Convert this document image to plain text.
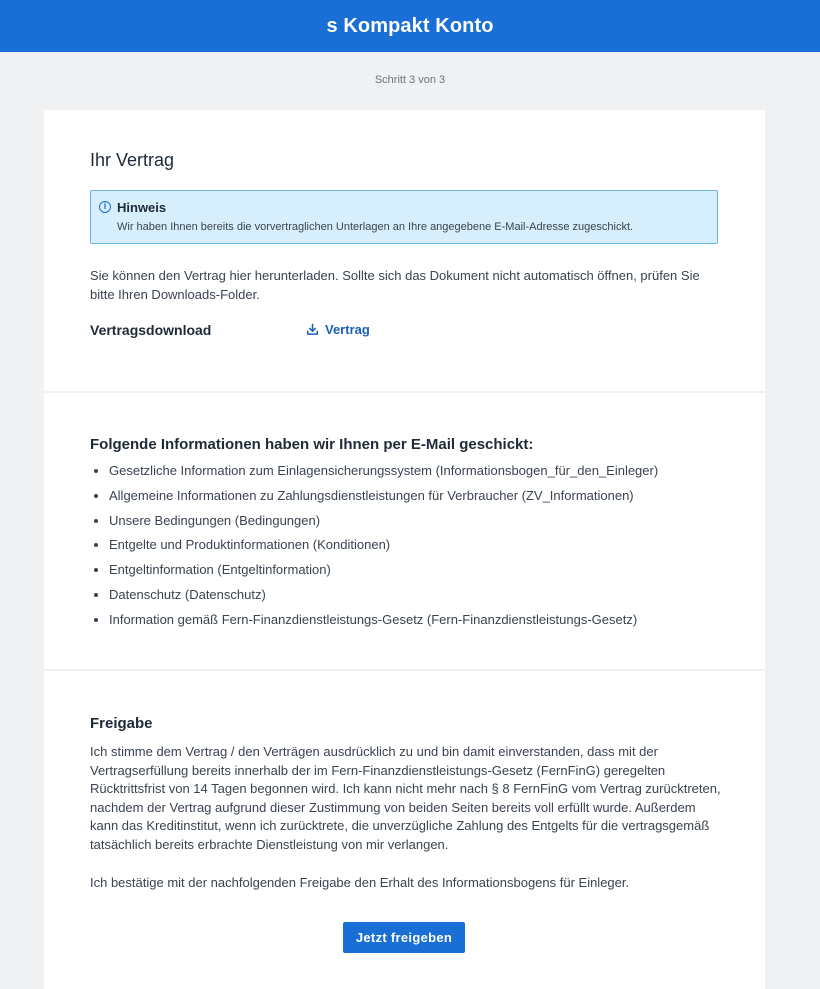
s Kompakt Konto
Schritt 3 von 3
Ihr Vertrag
i Hinweis
Wir haben Ihnen bereits die vorvertraglichen Unterlagen an Ihre angegebene E-Mail-Adresse zugeschickt.

Sie können den Vertrag hier herunterladen. Sollte sich das Dokument nicht automatisch öffnen, prüfen Sie bitte Ihren Downloads-Folder.

Vertragsdownload	Vertrag
Folgende Informationen haben wir Ihnen per E-Mail geschickt:
Gesetzliche Information zum Einlagensicherungssystem (Informationsbogen_für_den_Einleger)
Allgemeine Informationen zu Zahlungsdienstleistungen für Verbraucher (ZV_Informationen)
Unsere Bedingungen (Bedingungen)
Entgelte und Produktinformationen (Konditionen)
Entgeltinformation (Entgeltinformation)
Datenschutz (Datenschutz)
Information gemäß Fern-Finanzdienstleistungs-Gesetz (Fern-Finanzdienstleistungs-Gesetz)
Freigabe

Ich stimme dem Vertrag / den Verträgen ausdrücklich zu und bin damit einverstanden, dass mit der Vertragserfüllung bereits innerhalb der im Fern-Finanzdienstleistungs-Gesetz (FernFinG) geregelten Rücktrittsfrist von 14 Tagen begonnen wird. Ich kann nicht mehr nach § 8 FernFinG vom Vertrag zurücktreten, nachdem der Vertrag aufgrund dieser Zustimmung von beiden Seiten bereits voll erfüllt wurde. Außerdem kann das Kreditinstitut, wenn ich zurücktrete, die unverzügliche Zahlung des Entgelts für die vertragsgemäß tatsächlich bereits erbrachte Dienstleistung von mir verlangen.

Ich bestätige mit der nachfolgenden Freigabe den Erhalt des Informationsbogens für Einleger.

Jetzt freigeben
